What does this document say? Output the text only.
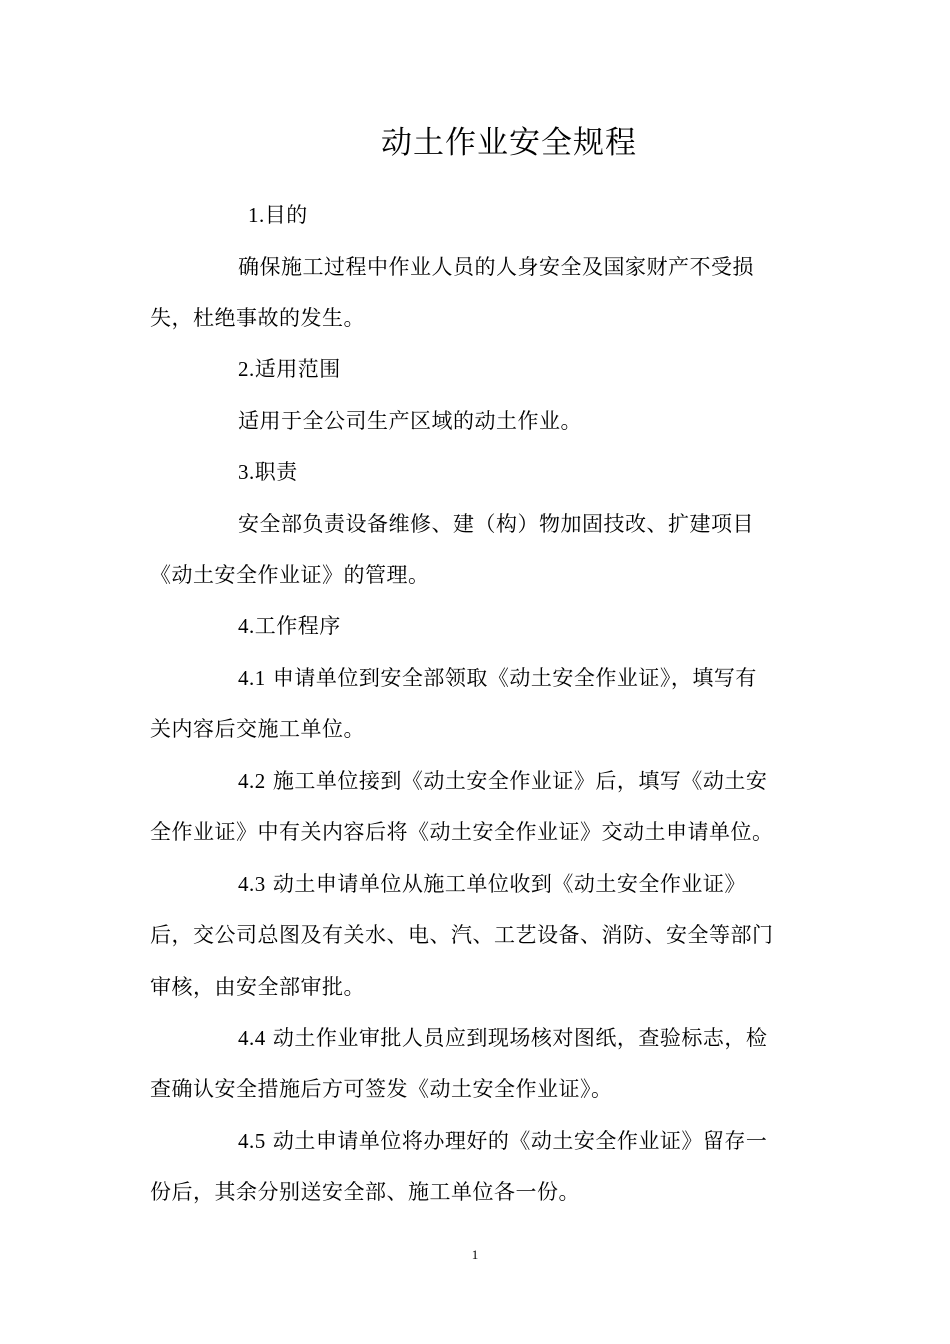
动土作业安全规程
1.目的
确保施工过程中作业人员的人身安全及国家财产不受损
失，杜绝事故的发生。
2.适用范围
适用于全公司生产区域的动土作业。
3.职责
安全部负责设备维修、建（构）物加固技改、扩建项目
《动土安全作业证》的管理。
4.工作程序
4.1 申请单位到安全部领取《动土安全作业证》，填写有
关内容后交施工单位。
4.2 施工单位接到《动土安全作业证》后，填写《动土安
全作业证》中有关内容后将《动土安全作业证》交动土申请单位。
4.3 动土申请单位从施工单位收到《动土安全作业证》
后，交公司总图及有关水、电、汽、工艺设备、消防、安全等部门
审核，由安全部审批。
4.4 动土作业审批人员应到现场核对图纸，查验标志，检
查确认安全措施后方可签发《动土安全作业证》。
4.5 动土申请单位将办理好的《动土安全作业证》留存一
份后，其余分别送安全部、施工单位各一份。
1
